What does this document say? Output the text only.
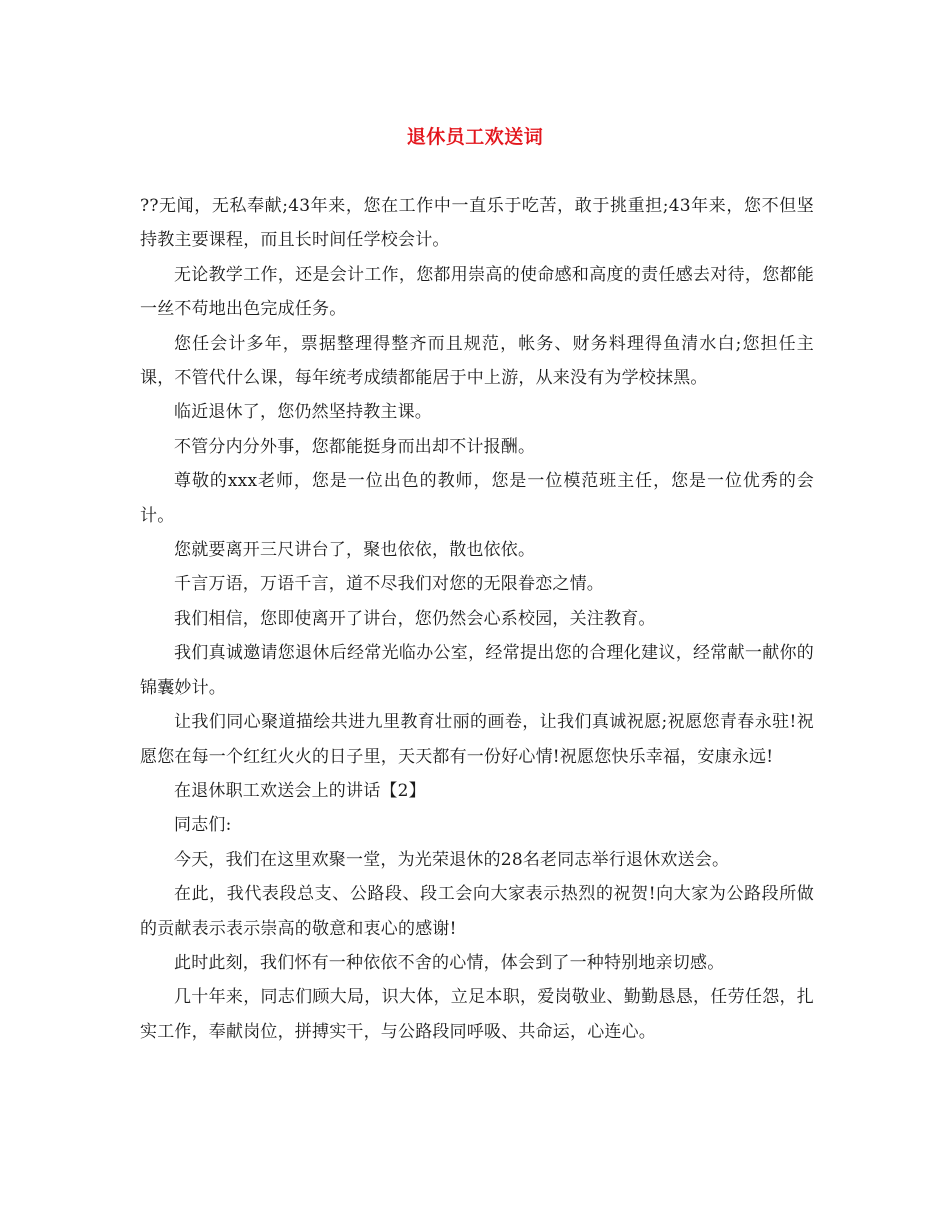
退休员工欢送词

??无闻，无私奉献;43年来，您在工作中一直乐于吃苦，敢于挑重担;43年来，您不但坚持教主要课程，而且长时间任学校会计。

无论教学工作，还是会计工作，您都用崇高的使命感和高度的责任感去对待，您都能一丝不苟地出色完成任务。

您任会计多年，票据整理得整齐而且规范，帐务、财务料理得鱼清水白;您担任主课，不管代什么课，每年统考成绩都能居于中上游，从来没有为学校抹黑。

临近退休了，您仍然坚持教主课。

不管分内分外事，您都能挺身而出却不计报酬。

尊敬的xxx老师，您是一位出色的教师，您是一位模范班主任，您是一位优秀的会计。

您就要离开三尺讲台了，聚也依依，散也依依。

千言万语，万语千言，道不尽我们对您的无限眷恋之情。

我们相信，您即使离开了讲台，您仍然会心系校园，关注教育。

我们真诚邀请您退休后经常光临办公室，经常提出您的合理化建议，经常献一献你的锦囊妙计。

让我们同心聚道描绘共进九里教育壮丽的画卷，让我们真诚祝愿;祝愿您青春永驻!祝愿您在每一个红红火火的日子里，天天都有一份好心情!祝愿您快乐幸福，安康永远!

在退休职工欢送会上的讲话【2】

同志们:

今天，我们在这里欢聚一堂，为光荣退休的28名老同志举行退休欢送会。

在此，我代表段总支、公路段、段工会向大家表示热烈的祝贺!向大家为公路段所做的贡献表示表示崇高的敬意和衷心的感谢!

此时此刻，我们怀有一种依依不舍的心情，体会到了一种特别地亲切感。

几十年来，同志们顾大局，识大体，立足本职，爱岗敬业、勤勤恳恳，任劳任怨，扎实工作，奉献岗位，拼搏实干，与公路段同呼吸、共命运，心连心。
